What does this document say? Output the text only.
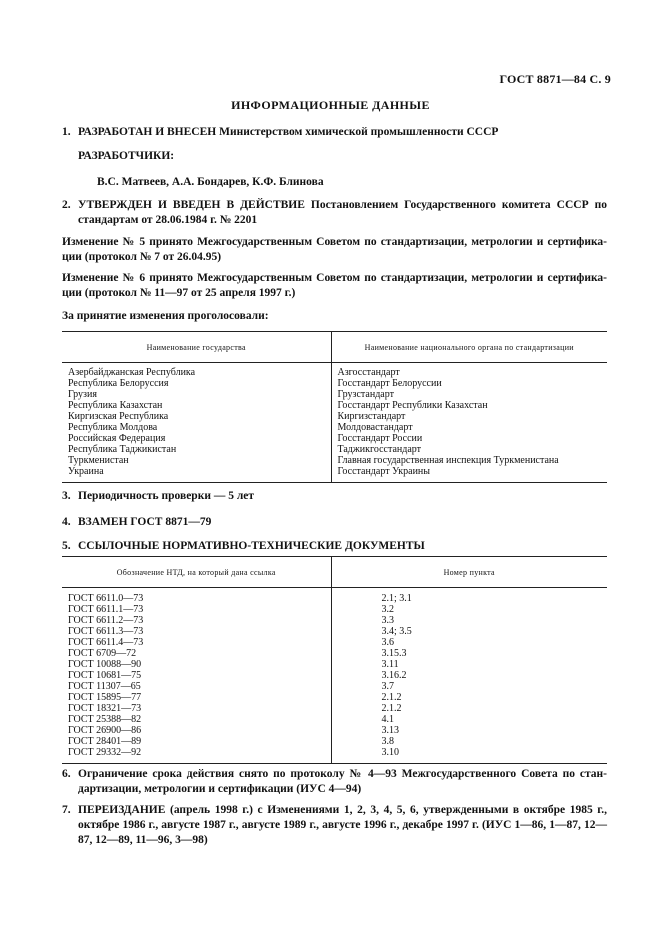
ГОСТ 8871—84 С. 9
ИНФОРМАЦИОННЫЕ ДАННЫЕ
1. РАЗРАБОТАН И ВНЕСЕН Министерством химической промышленности СССР
РАЗРАБОТЧИКИ:
В.С. Матвеев, А.А. Бондарев, К.Ф. Блинова
2. УТВЕРЖДЕН И ВВЕДЕН В ДЕЙСТВИЕ Постановлением Государственного комитета СССР по стандартам от 28.06.1984 г. № 2201
Изменение № 5 принято Межгосударственным Советом по стандартизации, метрологии и сертифика-ции (протокол № 7 от 26.04.95)
Изменение № 6 принято Межгосударственным Советом по стандартизации, метрологии и сертифика-ции (протокол № 11—97 от 25 апреля 1997 г.)
За принятие изменения проголосовали:
Наименование государства	Наименование национального органа по стандартизации

Азербайджанская Республика	Азгосстандарт

Республика Белоруссия	Госстандарт Белоруссии

Грузия	Грузстандарт

Республика Казахстан	Госстандарт Республики Казахстан

Киргизская Республика	Киргизстандарт

Республика Молдова	Молдовастандарт

Российская Федерация	Госстандарт России

Республика Таджикистан	Таджикгосстандарт

Туркменистан	Главная государственная инспекция Туркменистана

Украина	Госстандарт Украины
3. Периодичность проверки — 5 лет
4. ВЗАМЕН ГОСТ 8871—79
5. ССЫЛОЧНЫЕ НОРМАТИВНО-ТЕХНИЧЕСКИЕ ДОКУМЕНТЫ
Обозначение НТД, на который дана ссылка	Номер пункта

ГОСТ 6611.0—73	2.1; 3.1

ГОСТ 6611.1—73	3.2

ГОСТ 6611.2—73	3.3

ГОСТ 6611.3—73	3.4; 3.5

ГОСТ 6611.4—73	3.6

ГОСТ 6709—72	3.15.3

ГОСТ 10088—90	3.11

ГОСТ 10681—75	3.16.2

ГОСТ 11307—65	3.7

ГОСТ 15895—77	2.1.2

ГОСТ 18321—73	2.1.2

ГОСТ 25388—82	4.1

ГОСТ 26900—86	3.13

ГОСТ 28401—89	3.8

ГОСТ 29332—92	3.10
6. Ограничение срока действия снято по протоколу № 4—93 Межгосударственного Совета по стан-дартизации, метрологии и сертификации (ИУС 4—94)
7. ПЕРЕИЗДАНИЕ (апрель 1998 г.) с Изменениями 1, 2, 3, 4, 5, 6, утвержденными в октябре 1985 г., октябре 1986 г., августе 1987 г., августе 1989 г., августе 1996 г., декабре 1997 г. (ИУС 1—86, 1—87, 12—87, 12—89, 11—96, 3—98)
